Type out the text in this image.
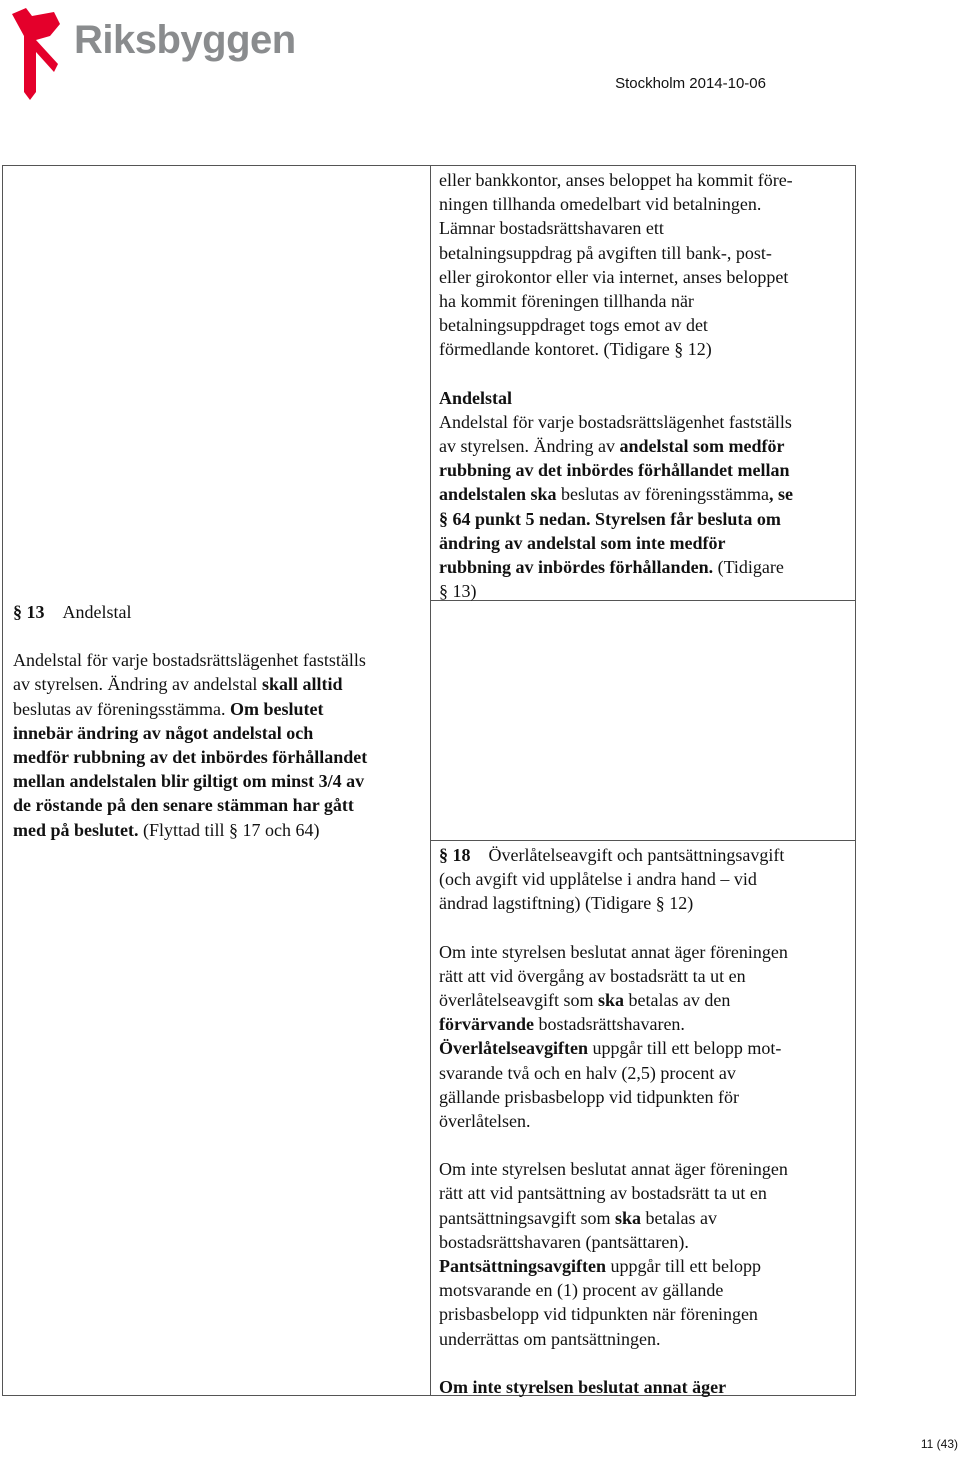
Riksbyggen
Stockholm 2014-10-06

§ 13 Andelstal

Andelstal för varje bostadsrättslägenhet fastställs

av styrelsen. Ändring av andelstal skall alltid

beslutas av föreningsstämma. Om beslutet

innebär ändring av något andelstal och

medför rubbning av det inbördes förhållandet

mellan andelstalen blir giltigt om minst 3/4 av

de röstande på den senare stämman har gått

med på beslutet. (Flyttad till § 17 och 64)

eller bankkontor, anses beloppet ha kommit före-

ningen tillhanda omedelbart vid betalningen.

Lämnar bostadsrättshavaren ett

betalningsuppdrag på avgiften till bank-, post-

eller girokontor eller via internet, anses beloppet

ha kommit föreningen tillhanda när

betalningsuppdraget togs emot av det

förmedlande kontoret. (Tidigare § 12)

Andelstal

Andelstal för varje bostadsrättslägenhet fastställs

av styrelsen. Ändring av andelstal som medför

rubbning av det inbördes förhållandet mellan

andelstalen ska beslutas av föreningsstämma, se

§ 64 punkt 5 nedan. Styrelsen får besluta om

ändring av andelstal som inte medför

rubbning av inbördes förhållanden. (Tidigare

§ 13)

§ 18 Överlåtelseavgift och pantsättningsavgift

(och avgift vid upplåtelse i andra hand – vid

ändrad lagstiftning) (Tidigare § 12)

Om inte styrelsen beslutat annat äger föreningen

rätt att vid övergång av bostadsrätt ta ut en

överlåtelseavgift som ska betalas av den

förvärvande bostadsrättshavaren.

Överlåtelseavgiften uppgår till ett belopp mot-

svarande två och en halv (2,5) procent av

gällande prisbasbelopp vid tidpunkten för

överlåtelsen.

Om inte styrelsen beslutat annat äger föreningen

rätt att vid pantsättning av bostadsrätt ta ut en

pantsättningsavgift som ska betalas av

bostadsrättshavaren (pantsättaren).

Pantsättningsavgiften uppgår till ett belopp

motsvarande en (1) procent av gällande

prisbasbelopp vid tidpunkten när föreningen

underrättas om pantsättningen.

Om inte styrelsen beslutat annat äger

11 (43)
